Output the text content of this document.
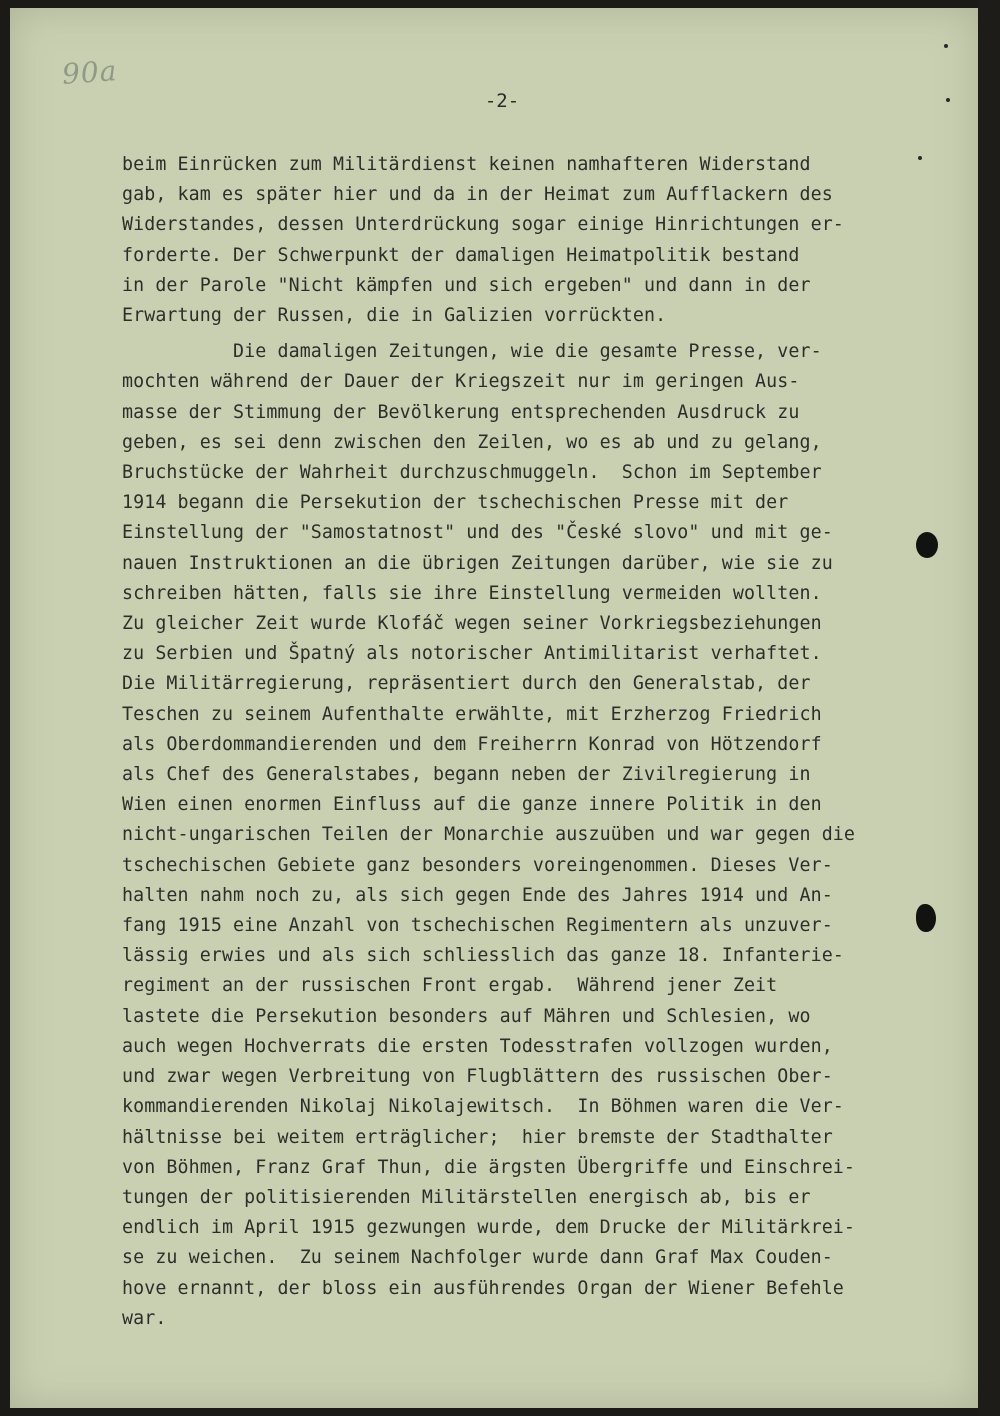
90a
-2-
beim Einrücken zum Militärdienst keinen namhafteren Widerstand
gab, kam es später hier und da in der Heimat zum Aufflackern des
Widerstandes, dessen Unterdrückung sogar einige Hinrichtungen er-
forderte. Der Schwerpunkt der damaligen Heimatpolitik bestand
in der Parole "Nicht kämpfen und sich ergeben" und dann in der
Erwartung der Russen, die in Galizien vorrückten.
Die damaligen Zeitungen, wie die gesamte Presse, ver-
mochten während der Dauer der Kriegszeit nur im geringen Aus-
masse der Stimmung der Bevölkerung entsprechenden Ausdruck zu
geben, es sei denn zwischen den Zeilen, wo es ab und zu gelang,
Bruchstücke der Wahrheit durchzuschmuggeln.  Schon im September
1914 begann die Persekution der tschechischen Presse mit der
Einstellung der "Samostatnost" und des "České slovo" und mit ge-
nauen Instruktionen an die übrigen Zeitungen darüber, wie sie zu
schreiben hätten, falls sie ihre Einstellung vermeiden wollten.
Zu gleicher Zeit wurde Klofáč wegen seiner Vorkriegsbeziehungen
zu Serbien und Špatný als notorischer Antimilitarist verhaftet.
Die Militärregierung, repräsentiert durch den Generalstab, der
Teschen zu seinem Aufenthalte erwählte, mit Erzherzog Friedrich
als Oberdommandierenden und dem Freiherrn Konrad von Hötzendorf
als Chef des Generalstabes, begann neben der Zivilregierung in
Wien einen enormen Einfluss auf die ganze innere Politik in den
nicht-ungarischen Teilen der Monarchie auszuüben und war gegen die
tschechischen Gebiete ganz besonders voreingenommen. Dieses Ver-
halten nahm noch zu, als sich gegen Ende des Jahres 1914 und An-
fang 1915 eine Anzahl von tschechischen Regimentern als unzuver-
lässig erwies und als sich schliesslich das ganze 18. Infanterie-
regiment an der russischen Front ergab.  Während jener Zeit
lastete die Persekution besonders auf Mähren und Schlesien, wo
auch wegen Hochverrats die ersten Todesstrafen vollzogen wurden,
und zwar wegen Verbreitung von Flugblättern des russischen Ober-
kommandierenden Nikolaj Nikolajewitsch.  In Böhmen waren die Ver-
hältnisse bei weitem erträglicher;  hier bremste der Stadthalter
von Böhmen, Franz Graf Thun, die ärgsten Übergriffe und Einschrei-
tungen der politisierenden Militärstellen energisch ab, bis er
endlich im April 1915 gezwungen wurde, dem Drucke der Militärkrei-
se zu weichen.  Zu seinem Nachfolger wurde dann Graf Max Couden-
hove ernannt, der bloss ein ausführendes Organ der Wiener Befehle
war.
